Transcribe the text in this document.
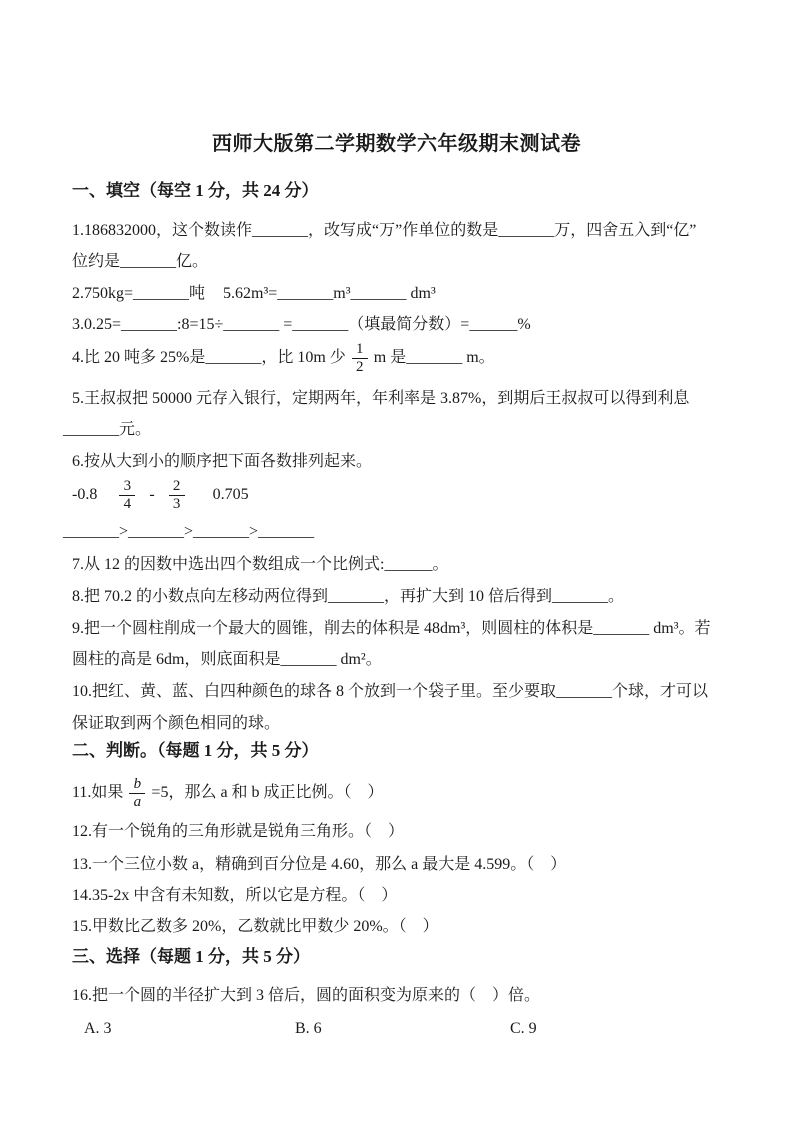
西师大版第二学期数学六年级期末测试卷
一、填空（每空 1 分，共 24 分）
1.186832000，这个数读作_______，改写成“万”作单位的数是_______万，四舍五入到“亿”
位约是_______亿。
2.750kg=_______吨 5.62m³=_______m³_______ dm³
3.0.25=_______:8=15÷_______ =_______（填最简分数）=______%
4.比 20 吨多 25%是_______，比 10m 少 $\frac{1}{2}$ m 是_______ m。
5.王叔叔把 50000 元存入银行，定期两年，年利率是 3.87%，到期后王叔叔可以得到利息
_______元。
6.按从大到小的顺序把下面各数排列起来。
$-0.8 \frac{3}{4} - \frac{2}{3} 0.705$
_______>_______>_______>_______
7.从 12 的因数中选出四个数组成一个比例式:______。
8.把 70.2 的小数点向左移动两位得到_______，再扩大到 10 倍后得到_______。
9.把一个圆柱削成一个最大的圆锥，削去的体积是 48dm³，则圆柱的体积是_______ dm³。若
圆柱的高是 6dm，则底面积是_______ dm²。
10.把红、黄、蓝、白四种颜色的球各 8 个放到一个袋子里。至少要取_______个球，才可以
保证取到两个颜色相同的球。
二、判断。（每题 1 分，共 5 分）
11.如果 $\frac{b}{a} =5$，那么 a 和 b 成正比例。（　）
12.有一个锐角的三角形就是锐角三角形。（　）
13.一个三位小数 a，精确到百分位是 4.60，那么 a 最大是 4.599。（　）
14.35-2x 中含有未知数，所以它是方程。（　）
15.甲数比乙数多 20%，乙数就比甲数少 20%。（　）
三、选择（每题 1 分，共 5 分）
16.把一个圆的半径扩大到 3 倍后，圆的面积变为原来的（　）倍。
A. 3	B. 6	C. 9
